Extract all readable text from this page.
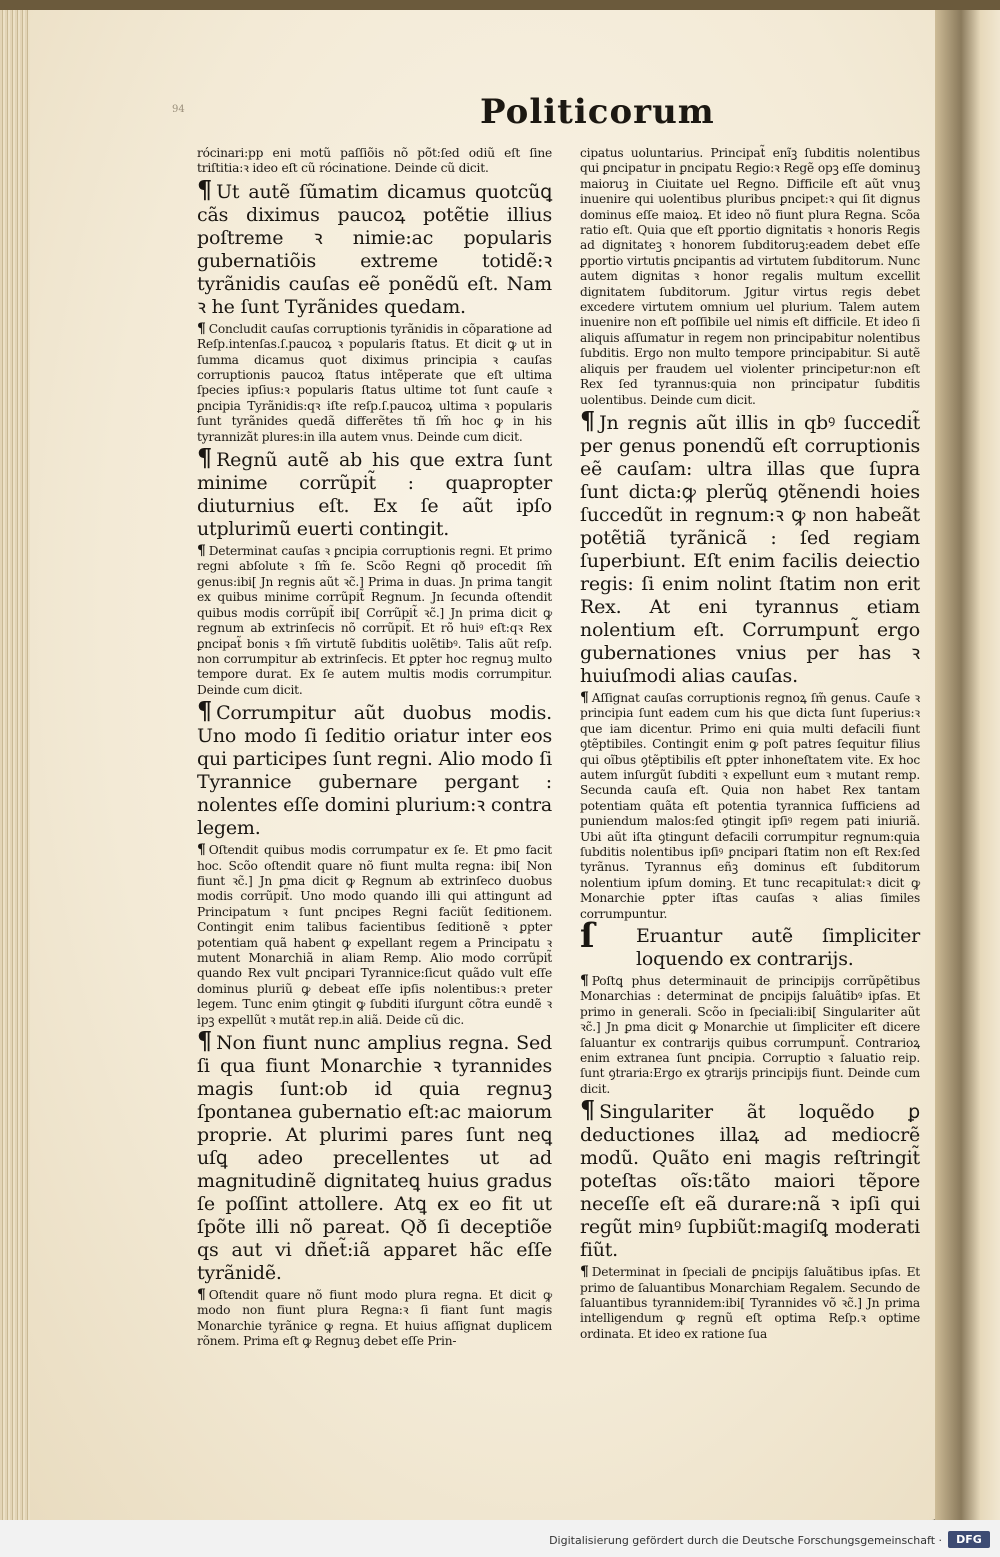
94	Politicorum
rócinari:pp eni motũ paſſiõis nõ põt:ſed odiũ eſt ſine triſtitia:ꝛ ideo eſt cũ rócinatione. Deinde cũ dicit.
¶ Ut autẽ ſũmatim dicamus quotcũꝗ cãs diximus paucoꝝ potẽtie illius poſtreme ꝛ nimie:ac popularis gubernatiõis extreme totidẽ:ꝛ tyrãnidis cauſas eẽ ponẽdũ eſt. Nam ꝛ he ſunt Tyrãnides quedam.
¶ Concludit cauſas corruptionis tyrãnidis in cõparatione ad Reſp.intenſas.ſ.paucoꝝ ꝛ popularis ſtatus. Et dicit ꝙ ut in ſumma dicamus quot diximus principia ꝛ cauſas corruptionis paucoꝝ ſtatus intẽperate que eſt ultima ſpecies ipſius:ꝛ popularis ſtatus ultime tot ſunt cauſe ꝛ ꝑncipia Tyrãnidis:qꝛ iſte reſp.ſ.paucoꝝ ultima ꝛ popularis ſunt tyrãnides quedã differẽtes tñ ſm̃ hoc ꝙ in his tyrannizãt plures:in illa autem vnus. Deinde cum dicit.
¶ Regnũ autẽ ab his que extra ſunt minime corrũpit̃ : quapropter diuturnius eſt. Ex ſe aũt ipſo utplurimũ euerti contingit.
¶ Determinat cauſas ꝛ ꝑncipia corruptionis regni. Et primo regni abſolute ꝛ ſm̃ ſe. Scõo Regni qð procedit ſm̃ genus:ibi[ Jn regnis aũt ꝛc̃.] Prima in duas. Jn prima tangit ex quibus minime corrũpit̃ Regnum. Jn ſecunda oſtendit quibus modis corrũpit̃ ibi[ Corrũpit̃ ꝛc̃.] Jn prima dicit ꝙ regnum ab extrinſecis nõ corrũpit̃. Et rõ huiꝰ eſt:qꝛ Rex ꝑncipat̃ bonis ꝛ ſm̃ virtutẽ ſubditis uolẽtibꝰ. Talis aũt reſp. non corrumpitur ab extrinſecis. Et ꝑpter hoc regnuꝫ multo tempore durat. Ex ſe autem multis modis corrumpitur. Deinde cum dicit.
¶ Corrumpitur aũt duobus modis. Uno modo ſi ſeditio oriatur inter eos qui participes ſunt regni. Alio modo ſi Tyrannice gubernare pergant : nolentes eſſe domini plurium:ꝛ contra legem.
¶ Oſtendit quibus modis corrumpatur ex ſe. Et ꝑmo facit hoc. Scõo oſtendit quare nõ fiunt multa regna: ibi[ Non fiunt ꝛc̃.] Jn ꝑma dicit ꝙ Regnum ab extrinſeco duobus modis corrũpit̃. Uno modo quando illi qui attingunt ad Principatum ꝛ ſunt ꝑncipes Regni faciũt ſeditionem. Contingit enim talibus facientibus ſeditionẽ ꝛ ꝑpter potentiam quã habent ꝙ expellant regem a Principatu ꝛ mutent Monarchiã in aliam Remp. Alio modo corrũpit̃ quando Rex vult ꝑncipari Tyrannice:ſicut quãdo vult eſſe dominus pluriũ ꝙ debeat eſſe ipſis nolentibus:ꝛ preter legem. Tunc enim ꝯtingit ꝙ ſubditi iſurgunt cõtra eundẽ ꝛ ipꝫ expellũt ꝛ mutãt rep.in aliã. Deide cũ dic.
¶ Non fiunt nunc amplius regna. Sed ſi qua fiunt Monarchie ꝛ tyrannides magis ſunt:ob id quia regnuꝫ ſpontanea gubernatio eſt:ac maiorum proprie. At plurimi pares ſunt neꝗ uſꝗ adeo precellentes ut ad magnitudinẽ dignitateꝗ huius gradus ſe poſſint attollere. Atꝗ ex eo fit ut ſpõte illi nõ pareat. Qð ſi deceptiõe qs aut vi dñet̃:iã apparet hãc eſſe tyrãnidẽ.
¶ Oſtendit quare nõ fiunt modo plura regna. Et dicit ꝙ modo non fiunt plura Regna:ꝛ ſi fiant ſunt magis Monarchie tyrãnice ꝙ regna. Et huius aſſignat duplicem rõnem. Prima eſt ꝙ Regnuꝫ debet eſſe Prin-
cipatus uoluntarius. Principat̃ enĩꝫ ſubditis nolentibus qui ꝑncipatur in ꝑncipatu Regio:ꝛ Regẽ opꝫ eſſe dominuꝫ maioruꝫ in Ciuitate uel Regno. Difficile eſt aũt vnuꝫ inuenire qui uolentibus pluribus ꝑncipet:ꝛ qui ſit dignus dominus eſſe maioꝝ. Et ideo nõ fiunt plura Regna. Scõa ratio eſt. Quia que eſt ꝑportio dignitatis ꝛ honoris Regis ad dignitateꝫ ꝛ honorem ſubditoruꝫ:eadem debet eſſe ꝑportio virtutis ꝑncipantis ad virtutem ſubditorum. Nunc autem dignitas ꝛ honor regalis multum excellit dignitatem ſubditorum. Jgitur virtus regis debet excedere virtutem omnium uel plurium. Talem autem inuenire non eſt poſſibile uel nimis eſt difficile. Et ideo ſi aliquis aſſumatur in regem non principabitur nolentibus ſubditis. Ergo non multo tempore principabitur. Si autẽ aliquis per fraudem uel violenter principetur:non eſt Rex ſed tyrannus:quia non principatur ſubditis uolentibus. Deinde cum dicit.
¶ Jn regnis aũt illis in qbꝰ ſuccedit̃ per genus ponendũ eſt corruptionis eẽ cauſam: ultra illas que ſupra ſunt dicta:ꝙ plerũꝗ ꝯtẽnendi hoies ſuccedũt in regnum:ꝛ ꝙ non habeãt potẽtiã tyrãnicã : ſed regiam ſuperbiunt. Eſt enim facilis deiectio regis: ſi enim nolint ſtatim non erit Rex. At eni tyrannus etiam nolentium eſt. Corrumpunt̃ ergo gubernationes vnius per has ꝛ huiuſmodi alias cauſas.
¶ Aſſignat cauſas corruptionis regnoꝝ ſm̃ genus. Cauſe ꝛ principia ſunt eadem cum his que dicta ſunt ſuperius:ꝛ que iam dicentur. Primo eni quia multi defacili fiunt ꝯtẽptibiles. Contingit enim ꝙ poſt patres ſequitur filius qui oĩbus ꝯtẽptibilis eſt ꝑpter inhoneſtatem vite. Ex hoc autem inſurgũt ſubditi ꝛ expellunt eum ꝛ mutant remp. Secunda cauſa eſt. Quia non habet Rex tantam potentiam quãta eſt potentia tyrannica ſufficiens ad puniendum malos:ſed ꝯtingit ipſiꝰ regem pati iniuriã. Ubi aũt iſta ꝯtingunt defacili corrumpitur regnum:quia ſubditis nolentibus ipſiꝰ ꝑncipari ſtatim non eſt Rex:ſed tyrãnus. Tyrannus eñꝫ dominus eſt ſubditorum nolentium ipſum dominꝫ. Et tunc recapitulat:ꝛ dicit ꝙ Monarchie ꝑpter iſtas cauſas ꝛ alias ſimiles corrumpuntur.
ſ Eruantur autẽ ſimpliciter loquendo ex contrarijs.
¶ Poſtꝗ phus determinauit de principijs corrũpẽtibus Monarchias : determinat de ꝑncipijs ſaluãtibꝰ ipſas. Et primo in generali. Scõo in ſpeciali:ibi[ Singulariter aũt ꝛc̃.] Jn ꝑma dicit ꝙ Monarchie ut ſimpliciter eſt dicere ſaluantur ex contrarijs quibus corrumpunt̃. Contrarioꝝ enim extranea ſunt ꝑncipia. Corruptio ꝛ ſaluatio reip. ſunt ꝯtraria:Ergo ex ꝯtrarijs principijs fiunt. Deinde cum dicit.
¶ Singulariter ãt loquẽdo ꝑ deductiones illaꝝ ad mediocrẽ modũ. Quãto eni magis reſtringit̃ poteſtas oĩs:tãto maiori tẽpore neceſſe eſt eã durare:nã ꝛ ipſi qui regũt minꝰ ſupbiũt:magiſꝗ moderati fiũt.
¶ Determinat in ſpeciali de ꝑncipijs ſaluãtibus ipſas. Et primo de ſaluantibus Monarchiam Regalem. Secundo de ſaluantibus tyrannidem:ibi[ Tyrannides võ ꝛc̃.] Jn prima intelligendum ꝙ regnũ eſt optima Reſp.ꝛ optime ordinata. Et ideo ex ratione ſua
Digitalisierung gefördert durch die Deutsche Forschungsgemeinschaft ·	DFG
